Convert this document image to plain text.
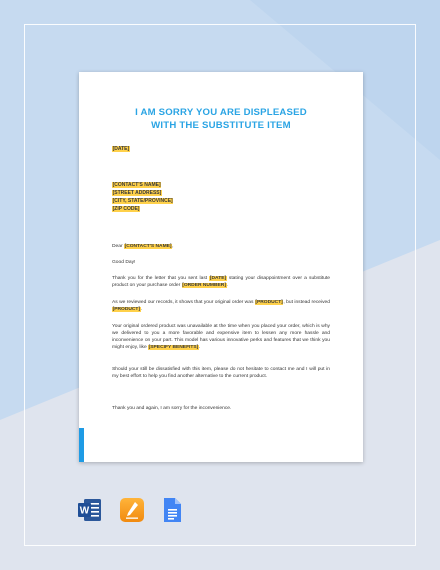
I AM SORRY YOU ARE DISPLEASED
WITH THE SUBSTITUTE ITEM
[DATE]
[CONTACT'S NAME]
[STREET ADDRESS]
[CITY, STATE/PROVINCE]
[ZIP CODE]

Dear [CONTACT'S NAME],

Good Day!

Thank you for the letter that you sent last [DATE] stating your disappointment over a substitute product on your purchase order [ORDER NUMBER].

As we reviewed our records, it shows that your original order was [PRODUCT], but instead received [PRODUCT].

Your original ordered product was unavailable at the time when you placed your order, which is why we delivered to you a more favorable and expensive item to lessen any more hassle and inconvenience on your part. This model has various innovative perks and features that we think you might enjoy, like [SPECIFY BENEFITS].

Should your still be dissatisfied with this item, please do not hesitate to contact me and I will put in my best effort to help you find another alternative to the current product.

Thank you and again, I am sorry for the inconvenience.

W
